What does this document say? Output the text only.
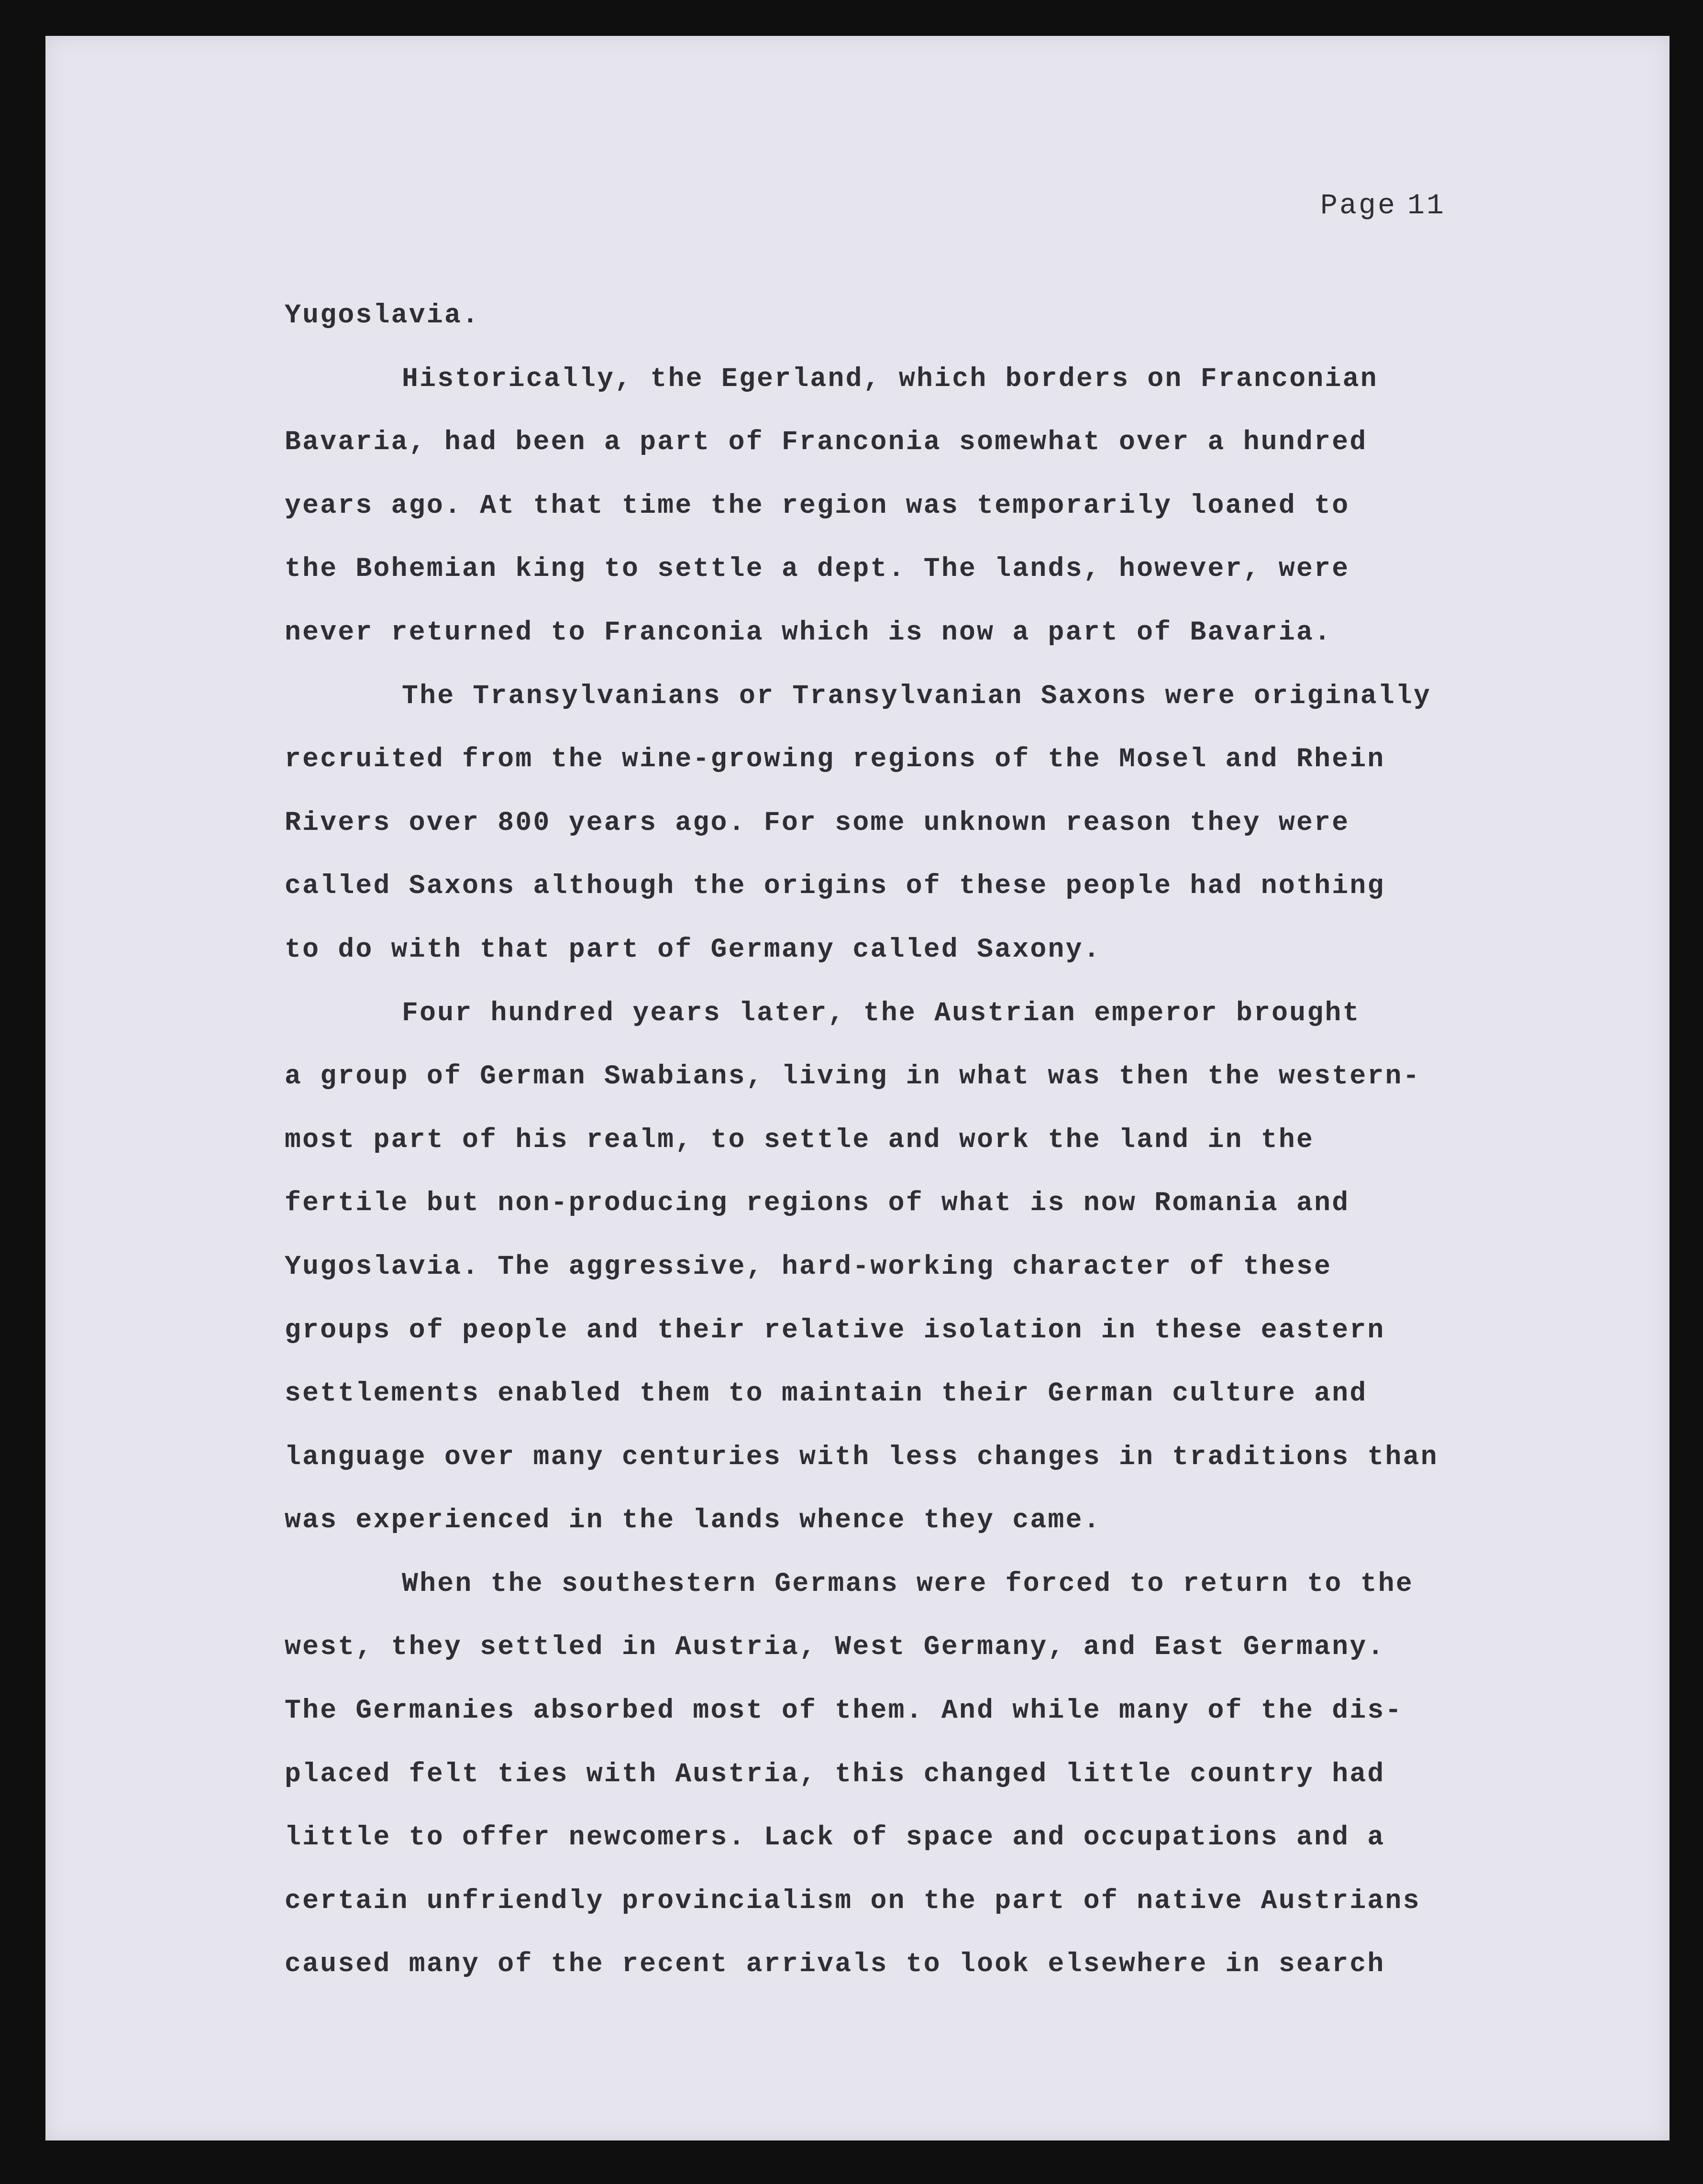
Page 11
Yugoslavia.
Historically, the Egerland, which borders on Franconian
Bavaria, had been a part of Franconia somewhat over a hundred
years ago. At that time the region was temporarily loaned to
the Bohemian king to settle a dept. The lands, however, were
never returned to Franconia which is now a part of Bavaria.
The Transylvanians or Transylvanian Saxons were originally
recruited from the wine-growing regions of the Mosel and Rhein
Rivers over 800 years ago. For some unknown reason they were
called Saxons although the origins of these people had nothing
to do with that part of Germany called Saxony.
Four hundred years later, the Austrian emperor brought
a group of German Swabians, living in what was then the western-
most part of his realm, to settle and work the land in the
fertile but non-producing regions of what is now Romania and
Yugoslavia. The aggressive, hard-working character of these
groups of people and their relative isolation in these eastern
settlements enabled them to maintain their German culture and
language over many centuries with less changes in traditions than
was experienced in the lands whence they came.
When the southestern Germans were forced to return to the
west, they settled in Austria, West Germany, and East Germany.
The Germanies absorbed most of them. And while many of the dis-
placed felt ties with Austria, this changed little country had
little to offer newcomers. Lack of space and occupations and a
certain unfriendly provincialism on the part of native Austrians
caused many of the recent arrivals to look elsewhere in search
